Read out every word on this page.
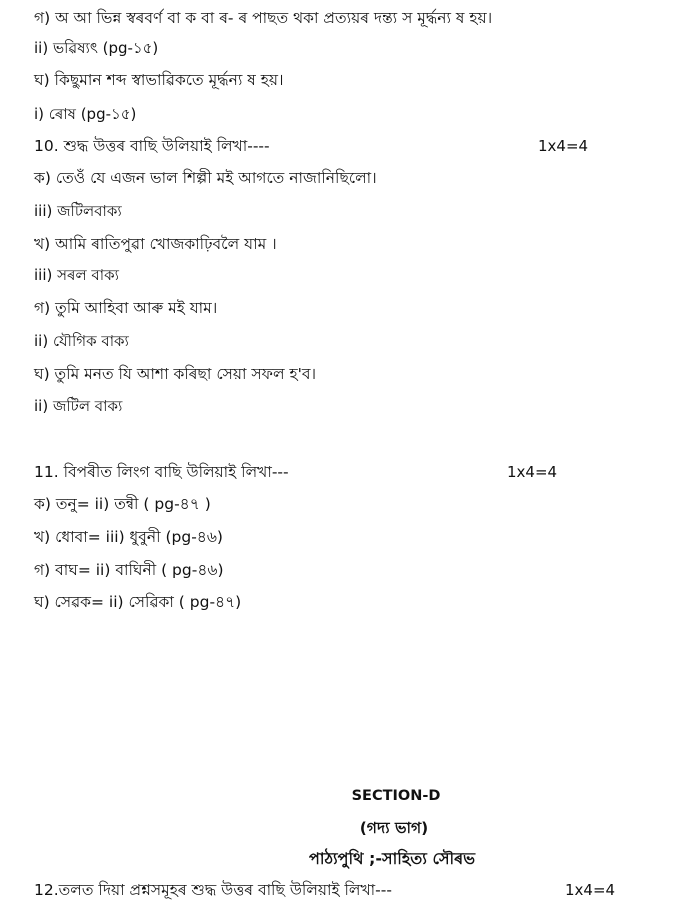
গ) অ আ ভিন্ন স্বৰবৰ্ণ বা ক বা ৰ- ৰ পাছত থকা প্ৰত্যয়ৰ দন্ত্য স মূৰ্দ্ধন্য ষ হয়।
ii) ভৱিষ্যৎ (pg-১৫)
ঘ) কিছুমান শব্দ স্বাভাৱিকতে মূৰ্দ্ধন্য ষ হয়।
i) ৰোষ (pg-১৫)
10. শুদ্ধ উত্তৰ বাছি উলিয়াই লিখা----	1x4=4
ক) তেওঁ যে এজন ভাল শিল্পী মই আগতে নাজানিছিলো।
iii) জটিলবাক্য
খ) আমি ৰাতিপুৱা খোজকাঢ়িবলৈ যাম ।
iii) সৰল বাক্য
গ) তুমি আহিবা আৰু মই যাম।
ii) যৌগিক বাক্য
ঘ) তুমি মনত যি আশা কৰিছা সেয়া সফল হ'ব।
ii) জটিল বাক্য
11. বিপৰীত লিংগ বাছি উলিয়াই লিখা---	1x4=4
ক) তনু= ii) তন্বী ( pg-৪৭ )
খ) ধোবা= iii) ধুবুনী (pg-৪৬)
গ) বাঘ= ii) বাঘিনী ( pg-৪৬)
ঘ) সেৱক= ii) সেৱিকা ( pg-৪৭)
SECTION-D
(গদ্য ভাগ)
পাঠ্যপুথি ;-সাহিত্য সৌৰভ
12.তলত দিয়া প্ৰশ্নসমূহৰ শুদ্ধ উত্তৰ বাছি উলিয়াই লিখা---	1x4=4
